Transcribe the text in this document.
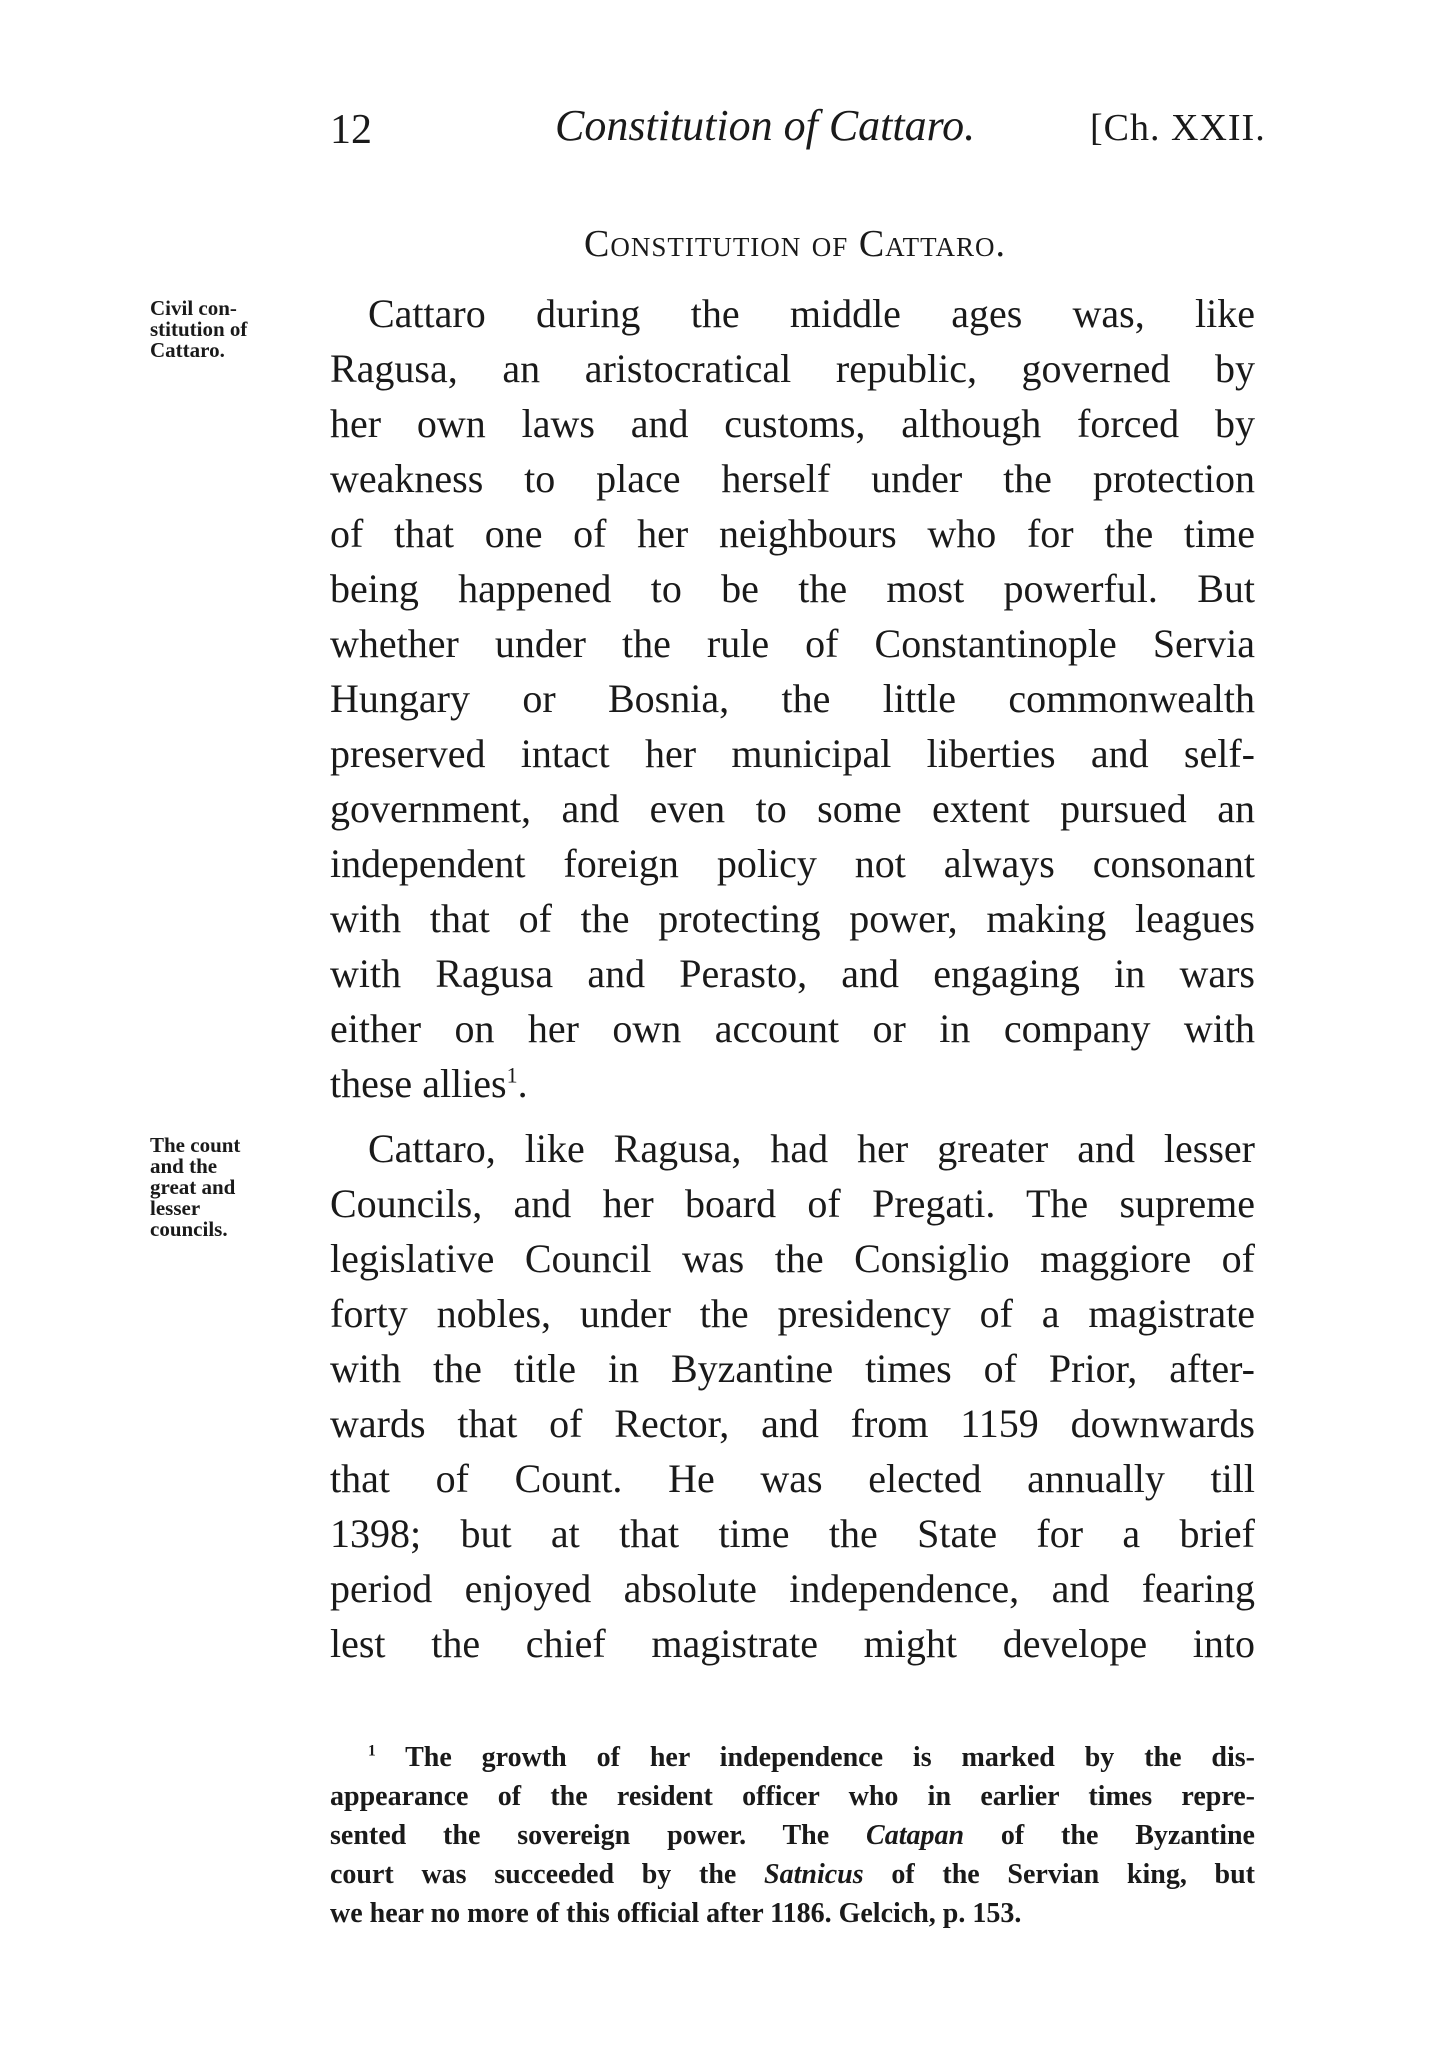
12	Constitution of Cattaro.	[Ch. XXII.
Constitution of Cattaro.
Civil con-
stitution of
Cattaro.
The count
and the
great and
lesser
councils.
Cattaro during the middle ages was, like
Ragusa, an aristocratical republic, governed by
her own laws and customs, although forced by
weakness to place herself under the protection
of that one of her neighbours who for the time
being happened to be the most powerful. But
whether under the rule of Constantinople Servia
Hungary or Bosnia, the little commonwealth
preserved intact her municipal liberties and self-
government, and even to some extent pursued an
independent foreign policy not always consonant
with that of the protecting power, making leagues
with Ragusa and Perasto, and engaging in wars
either on her own account or in company with
these allies$^1$.
Cattaro, like Ragusa, had her greater and lesser
Councils, and her board of Pregati. The supreme
legislative Council was the Consiglio maggiore of
forty nobles, under the presidency of a magistrate
with the title in Byzantine times of Prior, after-
wards that of Rector, and from 1159 downwards
that of Count. He was elected annually till
1398; but at that time the State for a brief
period enjoyed absolute independence, and fearing
lest the chief magistrate might develope into
$^1$ The growth of her independence is marked by the dis-
appearance of the resident officer who in earlier times repre-
sented the sovereign power. The Catapan of the Byzantine
court was succeeded by the Satnicus of the Servian king, but
we hear no more of this official after 1186. Gelcich, p. 153.
